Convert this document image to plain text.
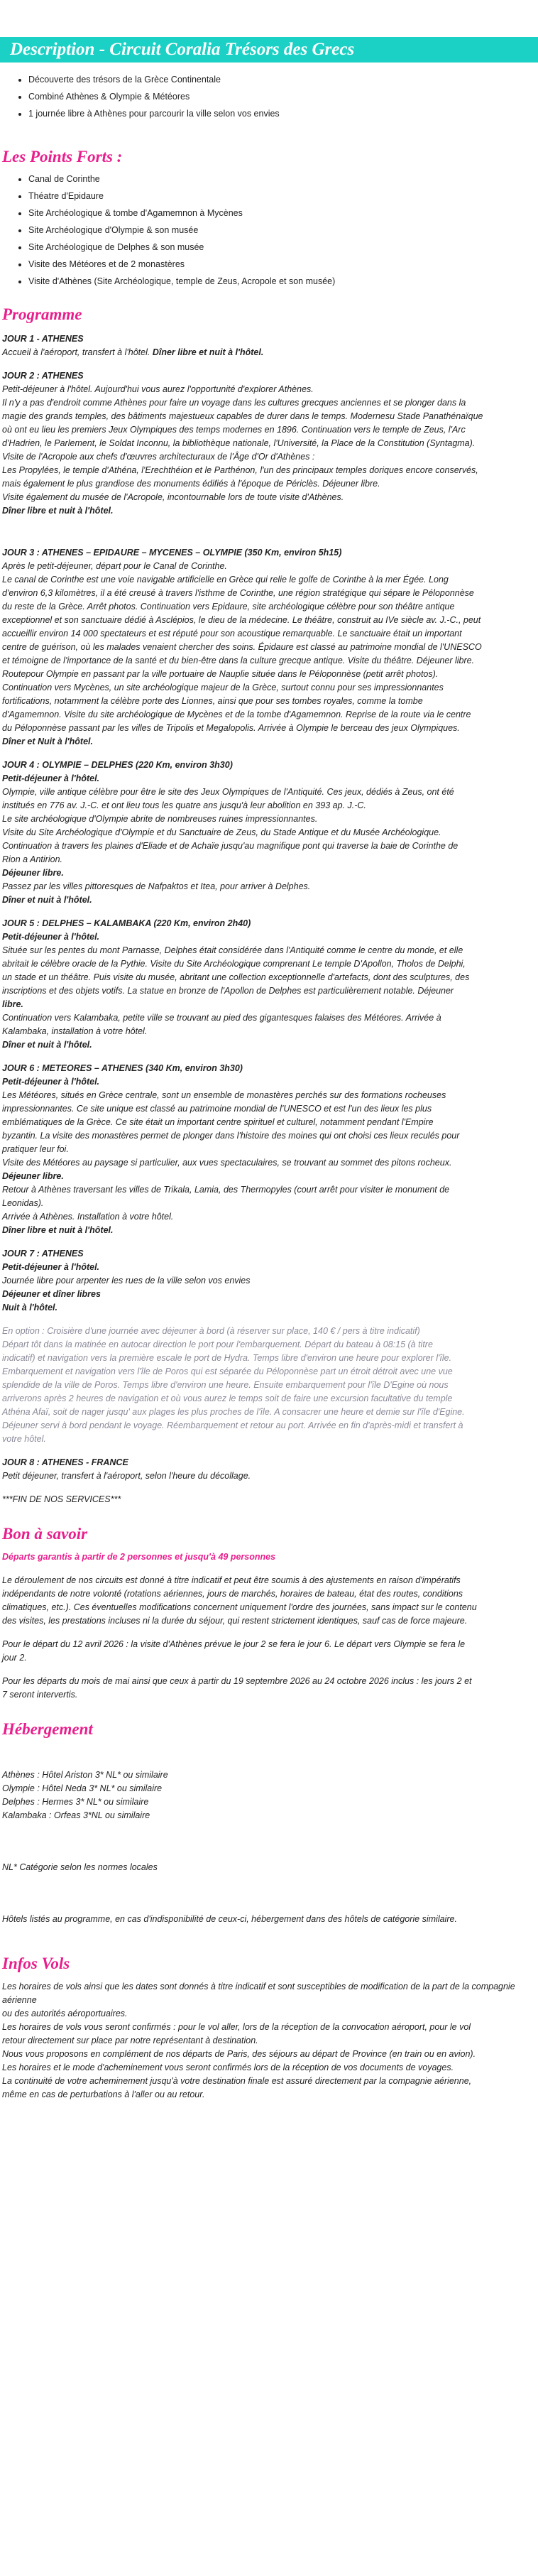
Description - Circuit Coralia Trésors des Grecs
• Découverte des trésors de la Grèce Continentale
• Combiné Athènes & Olympie & Météores
• 1 journée libre à Athènes pour parcourir la ville selon vos envies
Les Points Forts :
• Canal de Corinthe
• Théatre d'Epidaure
• Site Archéologique & tombe d'Agamemnon à Mycènes
• Site Archéologique d'Olympie & son musée
• Site Archéologique de Delphes & son musée
• Visite des Météores et de 2 monastères
• Visite d'Athènes (Site Archéologique, temple de Zeus, Acropole et son musée)
Programme
JOUR 1 - ATHENES
Accueil à l'aéroport, transfert à l'hôtel. Dîner libre et nuit à l'hôtel.
JOUR 2 : ATHENES
Petit-déjeuner à l'hôtel. Aujourd'hui vous aurez l'opportunité d'explorer Athènes.
Il n'y a pas d'endroit comme Athènes pour faire un voyage dans les cultures grecques anciennes et se plonger dans la
magie des grands temples, des bâtiments majestueux capables de durer dans le temps. Modernesu Stade Panathénaïque
où ont eu lieu les premiers Jeux Olympiques des temps modernes en 1896. Continuation vers le temple de Zeus, l'Arc
d'Hadrien, le Parlement, le Soldat Inconnu, la bibliothèque nationale, l'Université, la Place de la Constitution (Syntagma).
Visite de l'Acropole aux chefs d'œuvres architecturaux de l'Âge d'Or d'Athènes :
Les Propylées, le temple d'Athéna, l'Erechthéion et le Parthénon, l'un des principaux temples doriques encore conservés,
mais également le plus grandiose des monuments édifiés à l'époque de Périclès. Déjeuner libre.
Visite également du musée de l'Acropole, incontournable lors de toute visite d'Athènes.
Dîner libre et nuit à l'hôtel.
JOUR 3 : ATHENES – EPIDAURE – MYCENES – OLYMPIE (350 Km, environ 5h15)
Après le petit-déjeuner, départ pour le Canal de Corinthe.
Le canal de Corinthe est une voie navigable artificielle en Grèce qui relie le golfe de Corinthe à la mer Égée. Long
d'environ 6,3 kilomètres, il a été creusé à travers l'isthme de Corinthe, une région stratégique qui sépare le Péloponnèse
du reste de la Grèce. Arrêt photos. Continuation vers Epidaure, site archéologique célèbre pour son théâtre antique
exceptionnel et son sanctuaire dédié à Asclépios, le dieu de la médecine. Le théâtre, construit au IVe siècle av. J.-C., peut
accueillir environ 14 000 spectateurs et est réputé pour son acoustique remarquable. Le sanctuaire était un important
centre de guérison, où les malades venaient chercher des soins. Épidaure est classé au patrimoine mondial de l'UNESCO
et témoigne de l'importance de la santé et du bien-être dans la culture grecque antique. Visite du théâtre. Déjeuner libre.
Routepour Olympie en passant par la ville portuaire de Nauplie située dans le Péloponnèse (petit arrêt photos).
Continuation vers Mycènes, un site archéologique majeur de la Grèce, surtout connu pour ses impressionnantes
fortifications, notamment la célèbre porte des Lionnes, ainsi que pour ses tombes royales, comme la tombe
d'Agamemnon. Visite du site archéologique de Mycènes et de la tombe d'Agamemnon. Reprise de la route via le centre
du Péloponnèse passant par les villes de Tripolis et Megalopolis. Arrivée à Olympie le berceau des jeux Olympiques.
Dîner et Nuit à l'hôtel.
JOUR 4 : OLYMPIE – DELPHES (220 Km, environ 3h30)
Petit-déjeuner à l'hôtel.
Olympie, ville antique célèbre pour être le site des Jeux Olympiques de l'Antiquité. Ces jeux, dédiés à Zeus, ont été
institués en 776 av. J.-C. et ont lieu tous les quatre ans jusqu'à leur abolition en 393 ap. J.-C.
Le site archéologique d'Olympie abrite de nombreuses ruines impressionnantes.
Visite du Site Archéologique d'Olympie et du Sanctuaire de Zeus, du Stade Antique et du Musée Archéologique.
Continuation à travers les plaines d'Eliade et de Achaïe jusqu'au magnifique pont qui traverse la baie de Corinthe de
Rion a Antirion.
Déjeuner libre.
Passez par les villes pittoresques de Nafpaktos et Itea, pour arriver à Delphes.
Dîner et nuit à l'hôtel.
JOUR 5 : DELPHES – KALAMBAKA (220 Km, environ 2h40)
Petit-déjeuner à l'hôtel.
Située sur les pentes du mont Parnasse, Delphes était considérée dans l'Antiquité comme le centre du monde, et elle
abritait le célèbre oracle de la Pythie. Visite du Site Archéologique comprenant Le temple D'Apollon, Tholos de Delphi,
un stade et un théâtre. Puis visite du musée, abritant une collection exceptionnelle d'artefacts, dont des sculptures, des
inscriptions et des objets votifs. La statue en bronze de l'Apollon de Delphes est particulièrement notable. Déjeuner
libre.
Continuation vers Kalambaka, petite ville se trouvant au pied des gigantesques falaises des Météores. Arrivée à
Kalambaka, installation à votre hôtel.
Dîner et nuit à l'hôtel.
JOUR 6 : METEORES – ATHENES (340 Km, environ 3h30)
Petit-déjeuner à l'hôtel.
Les Météores, situés en Grèce centrale, sont un ensemble de monastères perchés sur des formations rocheuses
impressionnantes. Ce site unique est classé au patrimoine mondial de l'UNESCO et est l'un des lieux les plus
emblématiques de la Grèce. Ce site était un important centre spirituel et culturel, notamment pendant l'Empire
byzantin. La visite des monastères permet de plonger dans l'histoire des moines qui ont choisi ces lieux reculés pour
pratiquer leur foi.
Visite des Météores au paysage si particulier, aux vues spectaculaires, se trouvant au sommet des pitons rocheux.
Déjeuner libre.
Retour à Athènes traversant les villes de Trikala, Lamia, des Thermopyles (court arrêt pour visiter le monument de
Leonidas).
Arrivée à Athènes. Installation à votre hôtel.
Dîner libre et nuit à l'hôtel.
JOUR 7 : ATHENES
Petit-déjeuner à l'hôtel.
Journée libre pour arpenter les rues de la ville selon vos envies
Déjeuner et dîner libres
Nuit à l'hôtel.
En option : Croisière d'une journée avec déjeuner à bord (à réserver sur place, 140 € / pers à titre indicatif)
Départ tôt dans la matinée en autocar direction le port pour l'embarquement. Départ du bateau à 08:15 (à titre
indicatif) et navigation vers la première escale le port de Hydra. Temps libre d'environ une heure pour explorer l'île.
Embarquement et navigation vers l'île de Poros qui est séparée du Péloponnèse part un étroit détroit avec une vue
splendide de la ville de Poros. Temps libre d'environ une heure. Ensuite embarquement pour l'île D'Egine où nous
arriverons après 2 heures de navigation et où vous aurez le temps soit de faire une excursion facultative du temple
Athéna Afaï, soit de nager jusqu' aux plages les plus proches de l'île. A consacrer une heure et demie sur l'île d'Egine.
Déjeuner servi à bord pendant le voyage. Réembarquement et retour au port. Arrivée en fin d'après-midi et transfert à
votre hôtel.
JOUR 8 : ATHENES - FRANCE
Petit déjeuner, transfert à l'aéroport, selon l'heure du décollage.
***FIN DE NOS SERVICES***
Bon à savoir
Départs garantis à partir de 2 personnes et jusqu'à 49 personnes
Le déroulement de nos circuits est donné à titre indicatif et peut être soumis à des ajustements en raison d'impératifs
indépendants de notre volonté (rotations aériennes, jours de marchés, horaires de bateau, état des routes, conditions
climatiques, etc.). Ces éventuelles modifications concernent uniquement l'ordre des journées, sans impact sur le contenu
des visites, les prestations incluses ni la durée du séjour, qui restent strictement identiques, sauf cas de force majeure.
Pour le départ du 12 avril 2026 : la visite d'Athènes prévue le jour 2 se fera le jour 6. Le départ vers Olympie se fera le
jour 2.
Pour les départs du mois de mai ainsi que ceux à partir du 19 septembre 2026 au 24 octobre 2026 inclus : les jours 2 et
7 seront intervertis.
Hébergement
Athènes : Hôtel Ariston 3* NL* ou similaire
Olympie : Hôtel Neda 3* NL* ou similaire
Delphes : Hermes 3* NL* ou similaire
Kalambaka : Orfeas 3*NL ou similaire
NL* Catégorie selon les normes locales
Hôtels listés au programme, en cas d'indisponibilité de ceux-ci, hébergement dans des hôtels de catégorie similaire.
Infos Vols
Les horaires de vols ainsi que les dates sont donnés à titre indicatif et sont susceptibles de modification de la part de la compagnie aérienne
ou des autorités aéroportuaires.
Les horaires de vols vous seront confirmés : pour le vol aller, lors de la réception de la convocation aéroport, pour le vol
retour directement sur place par notre représentant à destination.
Nous vous proposons en complément de nos départs de Paris, des séjours au départ de Province (en train ou en avion).
Les horaires et le mode d'acheminement vous seront confirmés lors de la réception de vos documents de voyages.
La continuité de votre acheminement jusqu'à votre destination finale est assuré directement par la compagnie aérienne,
même en cas de perturbations à l'aller ou au retour.
